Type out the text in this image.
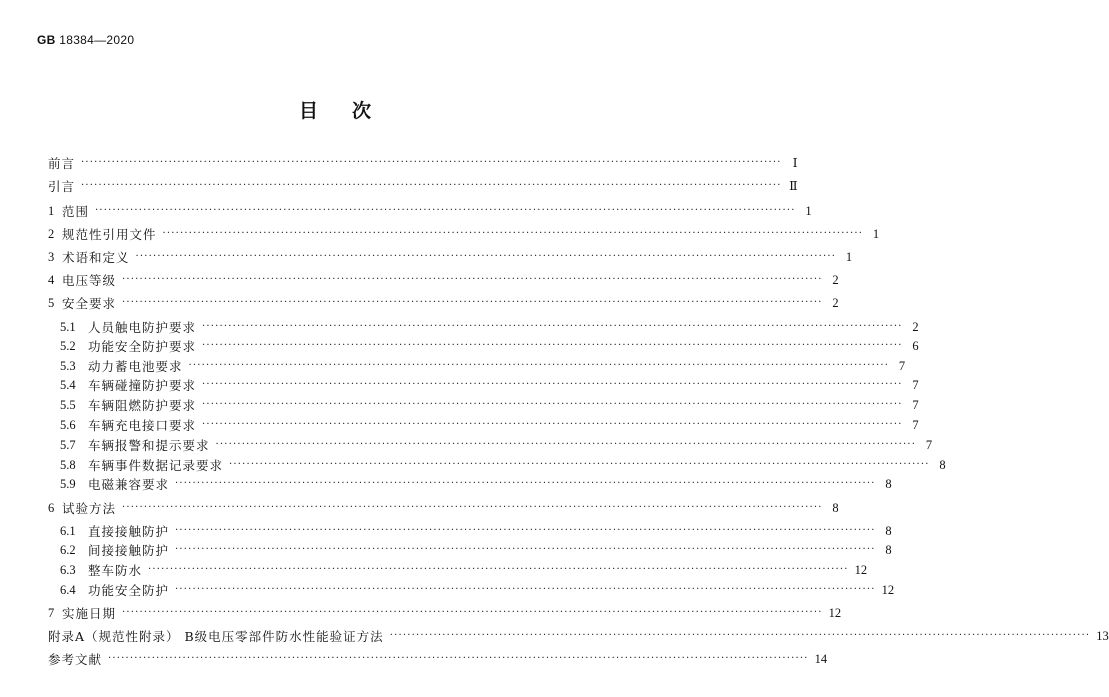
GB 18384—2020
目次
前言 ································································································································································ Ⅰ
引言 ································································································································································ Ⅱ
1 范围 ································································································································································ 1
2 规范性引用文件 ································································································································································ 1
3 术语和定义 ································································································································································ 1
4 电压等级 ································································································································································ 2
5 安全要求 ································································································································································ 2
5.1 人员触电防护要求 ································································································································································ 2
5.2 功能安全防护要求 ································································································································································ 6
5.3 动力蓄电池要求 ································································································································································ 7
5.4 车辆碰撞防护要求 ································································································································································ 7
5.5 车辆阻燃防护要求 ································································································································································ 7
5.6 车辆充电接口要求 ································································································································································ 7
5.7 车辆报警和提示要求 ································································································································································ 7
5.8 车辆事件数据记录要求 ································································································································································ 8
5.9 电磁兼容要求 ································································································································································ 8
6 试验方法 ································································································································································ 8
6.1 直接接触防护 ································································································································································ 8
6.2 间接接触防护 ································································································································································ 8
6.3 整车防水 ································································································································································ 12
6.4 功能安全防护 ································································································································································ 12
7 实施日期 ································································································································································ 12
附录A（规范性附录） B级电压零部件防水性能验证方法 ································································································································································ 13
参考文献 ································································································································································ 14
